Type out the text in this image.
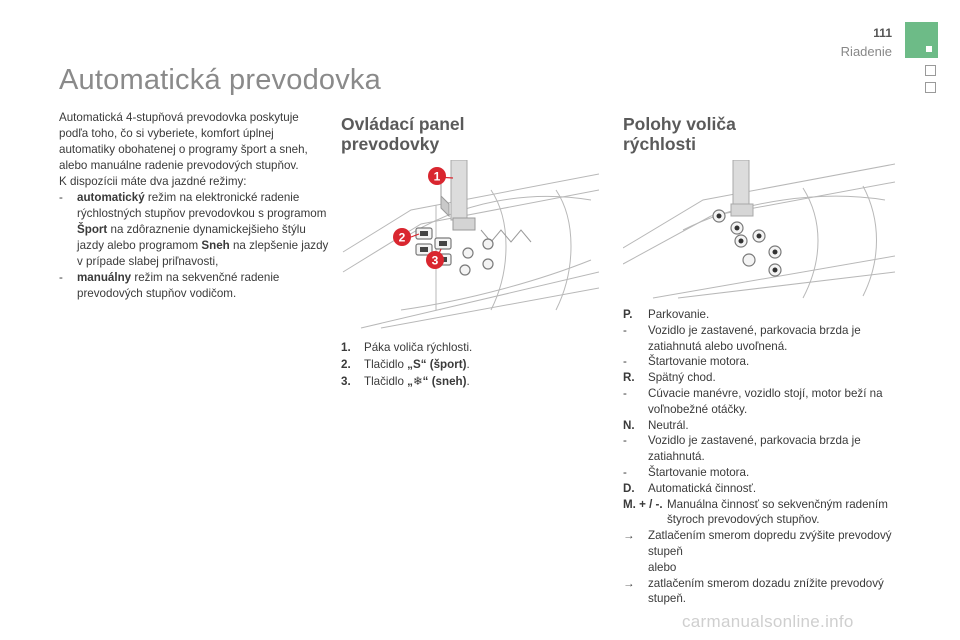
111
Riadenie
Automatická prevodovka

Automatická 4-stupňová prevodovka poskytuje podľa toho, čo si vyberiete, komfort úplnej automatiky obohatenej o programy šport a sneh, alebo manuálne radenie prevodových stupňov.

K dispozícii máte dva jazdné režimy:

- automatický režim na elektronické radenie rýchlostných stupňov prevodovkou s programom Šport na zdôraznenie dynamickejšieho štýlu jazdy alebo programom Sneh na zlepšenie jazdy v prípade slabej priľnavosti,
- manuálny režim na sekvenčné radenie prevodových stupňov vodičom.
Ovládací panel
prevodovky
1
2
3
1. Páka voliča rýchlosti.
2. Tlačidlo „S“ (šport).
3. Tlačidlo „❄“ (sneh).
Polohy voliča
rýchlosti
P. Parkovanie.
- Vozidlo je zastavené, parkovacia brzda je zatiahnutá alebo uvoľnená.
- Štartovanie motora.
R. Spätný chod.
- Cúvacie manévre, vozidlo stojí, motor beží na voľnobežné otáčky.
N. Neutrál.
- Vozidlo je zastavené, parkovacia brzda je zatiahnutá.
- Štartovanie motora.
D. Automatická činnosť.
M. + / -. Manuálna činnosť so sekvenčným radením štyroch prevodových stupňov.
→ Zatlačením smerom dopredu zvýšite prevodový stupeň
alebo
→ zatlačením smerom dozadu znížite prevodový stupeň.
carmanualsonline.info
